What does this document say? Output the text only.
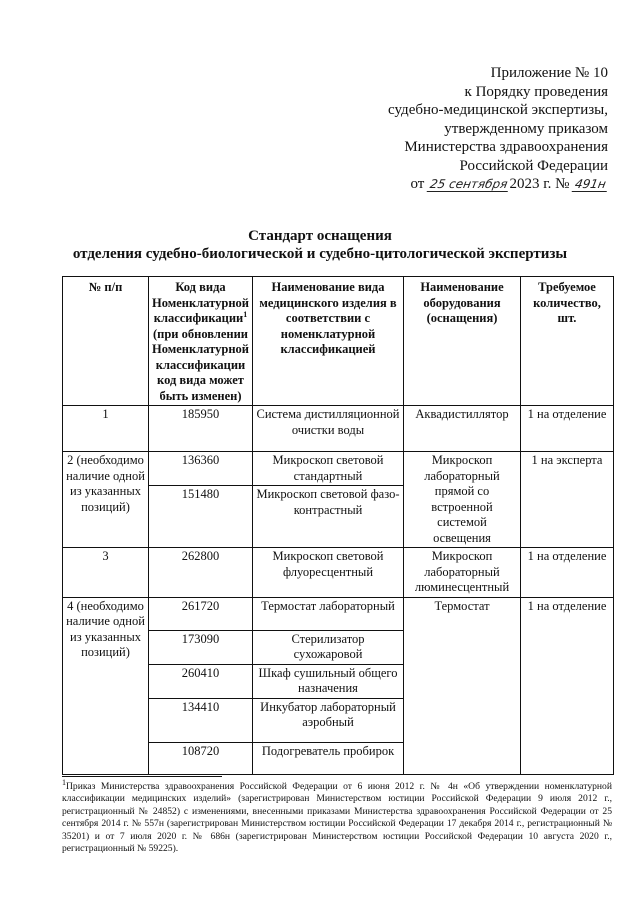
Приложение № 10
к Порядку проведения
судебно-медицинской экспертизы,
утвержденному приказом
Министерства здравоохранения
Российской Федерации
от 25 сентября2023 г. № 491н
Стандарт оснащения
отделения судебно-биологической и судебно-цитологической экспертизы
№ п/п	Код вида Номенклатурной классификации$^1$ (при обновлении Номенклатурной классификации код вида может быть изменен)	Наименование вида медицинского изделия в соответствии с номенклатурной классификацией	Наименование оборудования (оснащения)	Требуемое количество, шт.
1	185950	Система дистилляционной очистки воды	Аквадистиллятор	1 на отделение
2 (необходимо наличие одной из указанных позиций)	136360	Микроскоп световой стандартный	Микроскоп лабораторный прямой со встроенной системой освещения	1 на эксперта
	151480	Микроскоп световой фазо-контрастный		
3	262800	Микроскоп световой флуоресцентный	Микроскоп лабораторный люминесцентный	1 на отделение
4 (необходимо наличие одной из указанных позиций)	261720	Термостат лабораторный	Термостат	1 на отделение
	173090	Стерилизатор сухожаровой		
	260410	Шкаф сушильный общего назначения		
	134410	Инкубатор лабораторный аэробный		
	108720	Подогреватель пробирок		
$^1$Приказ Министерства здравоохранения Российской Федерации от 6 июня 2012 г. № 4н «Об утверждении номенклатурной классификации медицинских изделий» (зарегистрирован Министерством юстиции Российской Федерации 9 июля 2012 г., регистрационный № 24852) с изменениями, внесенными приказами Министерства здравоохранения Российской Федерации от 25 сентября 2014 г. № 557н (зарегистрирован Министерством юстиции Российской Федерации 17 декабря 2014 г., регистрационный № 35201) и от 7 июля 2020 г. № 686н (зарегистрирован Министерством юстиции Российской Федерации 10 августа 2020 г., регистрационный № 59225).
